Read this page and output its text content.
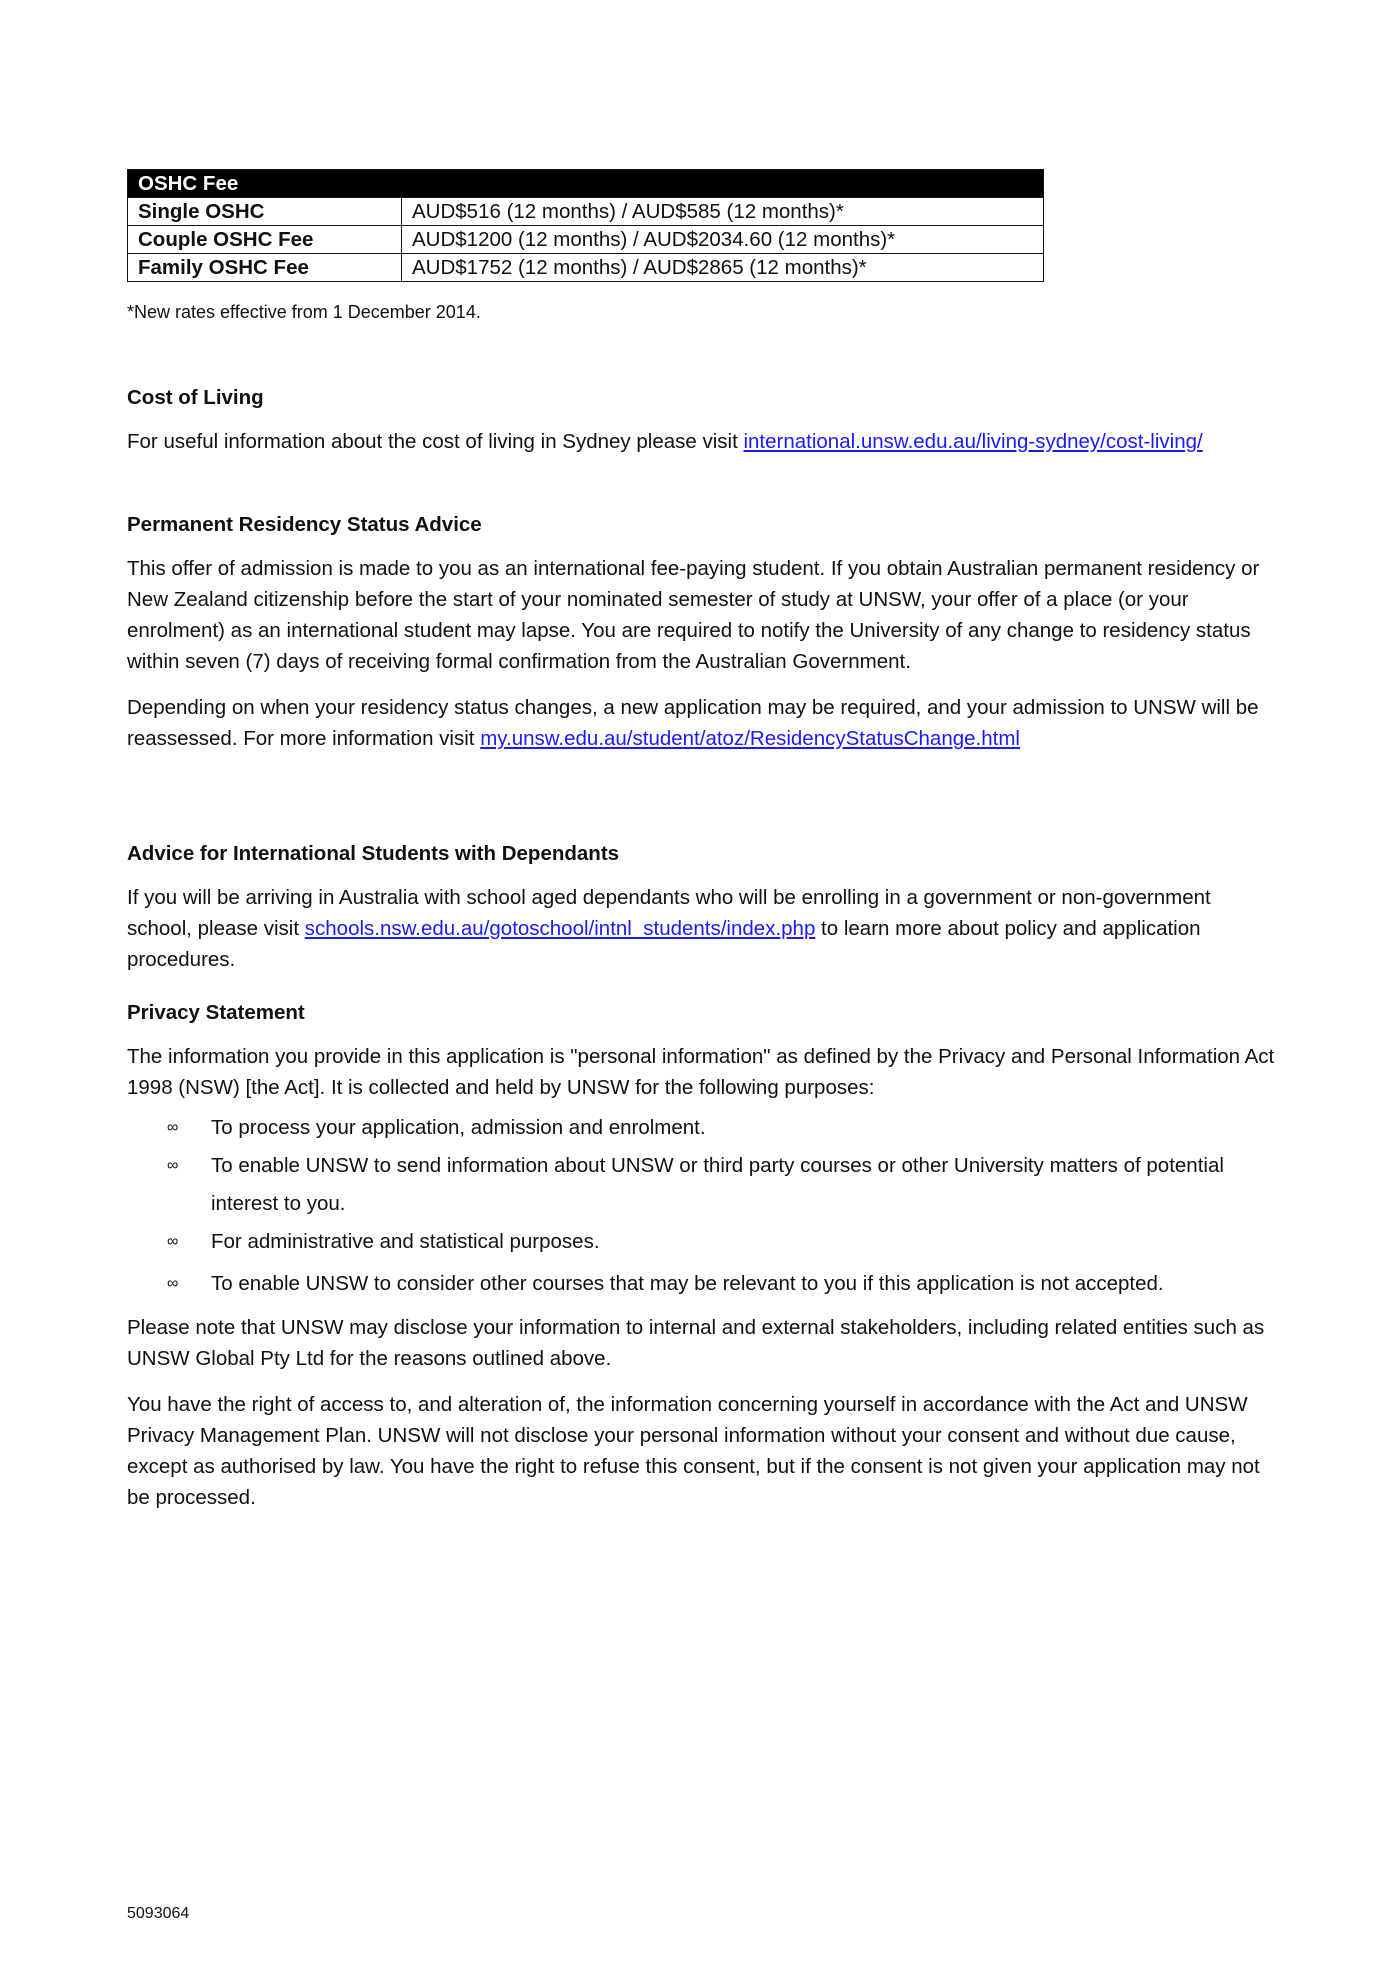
OSHC Fee	
Single OSHC	AUD$516 (12 months) / AUD$585 (12 months)*
Couple OSHC Fee	AUD$1200 (12 months) / AUD$2034.60 (12 months)*
Family OSHC Fee	AUD$1752 (12 months) / AUD$2865 (12 months)*
*New rates effective from 1 December 2014.
Cost of Living

For useful information about the cost of living in Sydney please visit international.unsw.edu.au/living-sydney/cost-living/

Permanent Residency Status Advice

This offer of admission is made to you as an international fee-paying student. If you obtain Australian permanent residency or New Zealand citizenship before the start of your nominated semester of study at UNSW, your offer of a place (or your enrolment) as an international student may lapse. You are required to notify the University of any change to residency status within seven (7) days of receiving formal confirmation from the Australian Government.

Depending on when your residency status changes, a new application may be required, and your admission to UNSW will be reassessed. For more information visit my.unsw.edu.au/student/atoz/ResidencyStatusChange.html

Advice for International Students with Dependants

If you will be arriving in Australia with school aged dependants who will be enrolling in a government or non-government school, please visit schools.nsw.edu.au/gotoschool/intnl_students/index.php to learn more about policy and application procedures.

Privacy Statement

The information you provide in this application is "personal information" as defined by the Privacy and Personal Information Act 1998 (NSW) [the Act]. It is collected and held by UNSW for the following purposes:

∞ To process your application, admission and enrolment.
∞ To enable UNSW to send information about UNSW or third party courses or other University matters of potential interest to you.
∞ For administrative and statistical purposes.
∞ To enable UNSW to consider other courses that may be relevant to you if this application is not accepted.

Please note that UNSW may disclose your information to internal and external stakeholders, including related entities such as UNSW Global Pty Ltd for the reasons outlined above.

You have the right of access to, and alteration of, the information concerning yourself in accordance with the Act and UNSW Privacy Management Plan. UNSW will not disclose your personal information without your consent and without due cause, except as authorised by law. You have the right to refuse this consent, but if the consent is not given your application may not be processed.

5093064
